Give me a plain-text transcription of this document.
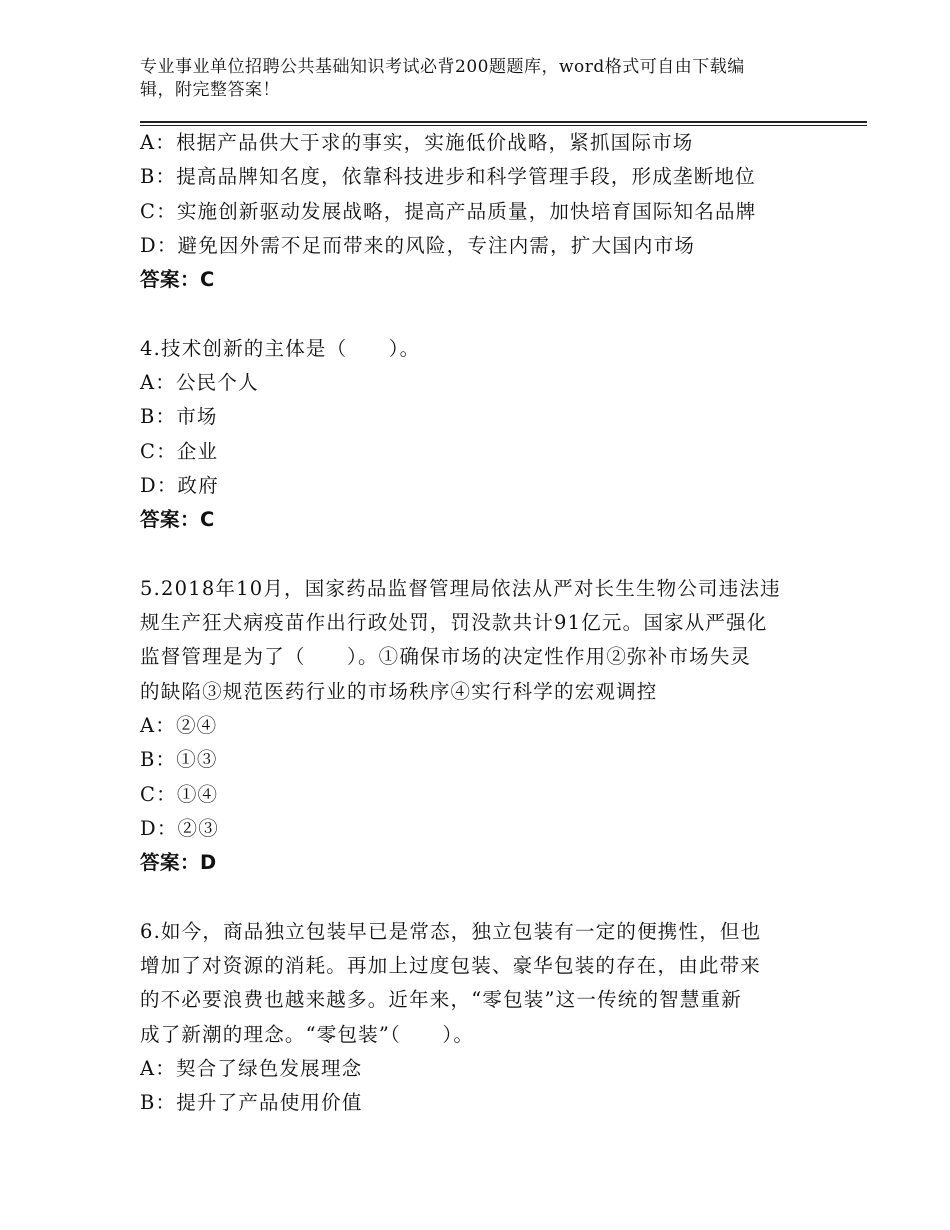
专业事业单位招聘公共基础知识考试必背200题题库，word格式可自由下载编
辑，附完整答案！
A：根据产品供大于求的事实，实施低价战略，紧抓国际市场
B：提高品牌知名度，依靠科技进步和科学管理手段，形成垄断地位
C：实施创新驱动发展战略，提高产品质量，加快培育国际知名品牌
D：避免因外需不足而带来的风险，专注内需，扩大国内市场
答案：C
4.技术创新的主体是（　　）。
A：公民个人
B：市场
C：企业
D：政府
答案：C
5.2018年10月，国家药品监督管理局依法从严对长生生物公司违法违
规生产狂犬病疫苗作出行政处罚，罚没款共计91亿元。国家从严强化
监督管理是为了（　　）。①确保市场的决定性作用②弥补市场失灵
的缺陷③规范医药行业的市场秩序④实行科学的宏观调控
A：②④
B：①③
C：①④
D：②③
答案：D
6.如今，商品独立包装早已是常态，独立包装有一定的便携性，但也
增加了对资源的消耗。再加上过度包装、豪华包装的存在，由此带来
的不必要浪费也越来越多。近年来，“零包装”这一传统的智慧重新
成了新潮的理念。“零包装”（　　）。
A：契合了绿色发展理念
B：提升了产品使用价值
